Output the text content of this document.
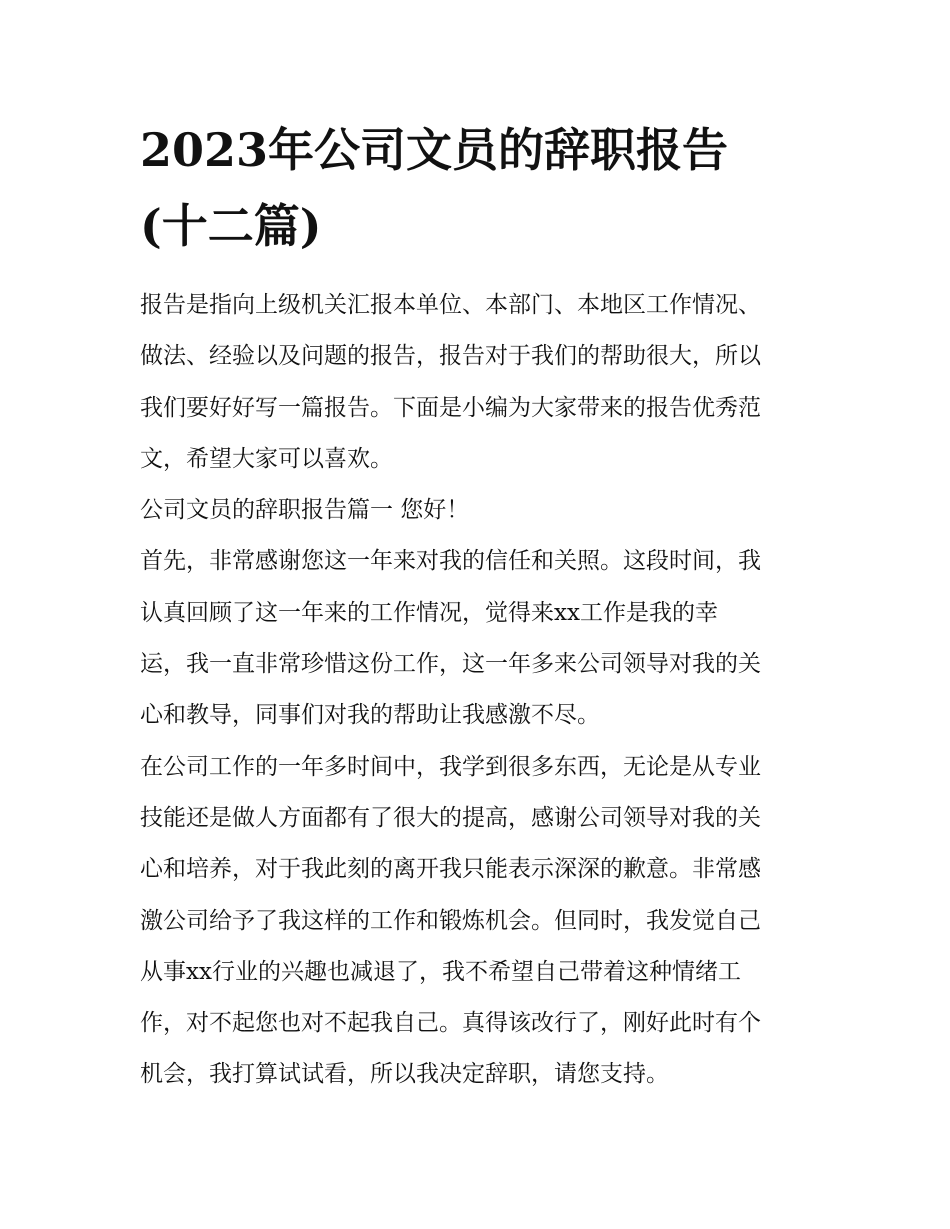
2023年公司文员的辞职报告
(十二篇)
报告是指向上级机关汇报本单位、本部门、本地区工作情况、
做法、经验以及问题的报告，报告对于我们的帮助很大，所以
我们要好好写一篇报告。下面是小编为大家带来的报告优秀范
文，希望大家可以喜欢。
公司文员的辞职报告篇一 您好！
首先，非常感谢您这一年来对我的信任和关照。这段时间，我
认真回顾了这一年来的工作情况，觉得来xx工作是我的幸
运，我一直非常珍惜这份工作，这一年多来公司领导对我的关
心和教导，同事们对我的帮助让我感激不尽。
在公司工作的一年多时间中，我学到很多东西，无论是从专业
技能还是做人方面都有了很大的提高，感谢公司领导对我的关
心和培养，对于我此刻的离开我只能表示深深的歉意。非常感
激公司给予了我这样的工作和锻炼机会。但同时，我发觉自己
从事xx行业的兴趣也减退了，我不希望自己带着这种情绪工
作，对不起您也对不起我自己。真得该改行了，刚好此时有个
机会，我打算试试看，所以我决定辞职，请您支持。
